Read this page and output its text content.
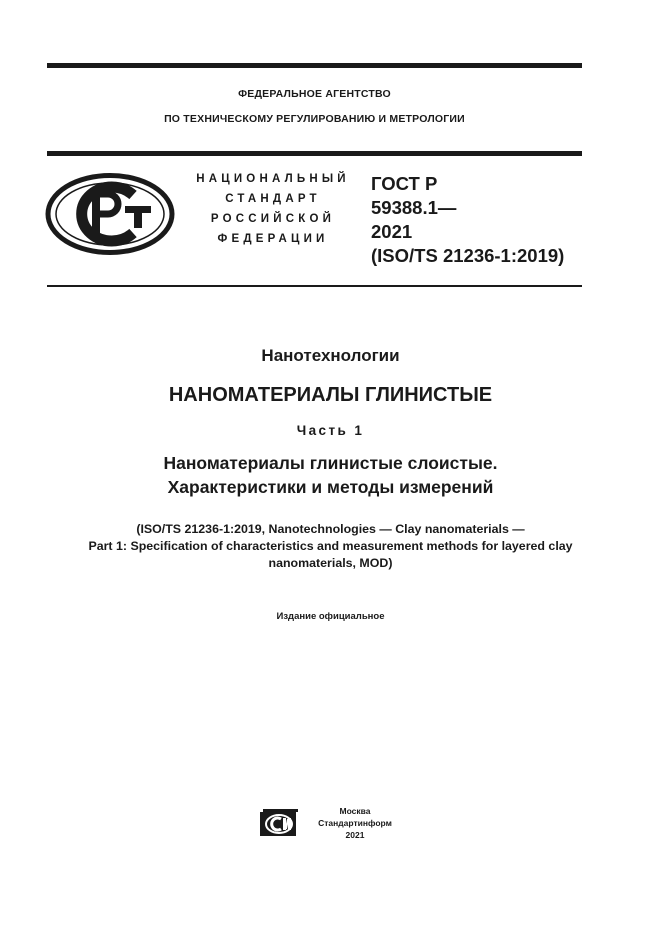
ФЕДЕРАЛЬНОЕ АГЕНТСТВО
ПО ТЕХНИЧЕСКОМУ РЕГУЛИРОВАНИЮ И МЕТРОЛОГИИ
НАЦИОНАЛЬНЫЙ
СТАНДАРТ
РОССИЙСКОЙ
ФЕДЕРАЦИИ
ГОСТ Р
59388.1—
2021
(ISO/TS 21236-1:2019)
Нанотехнологии
НАНОМАТЕРИАЛЫ ГЛИНИСТЫЕ
Часть 1
Наноматериалы глинистые слоистые.
Характеристики и методы измерений
(ISO/TS 21236-1:2019, Nanotechnologies — Clay nanomaterials —
Part 1: Specification of characteristics and measurement methods for layered clay
nanomaterials, MOD)
Издание официальное
Москва
Стандартинформ
2021
